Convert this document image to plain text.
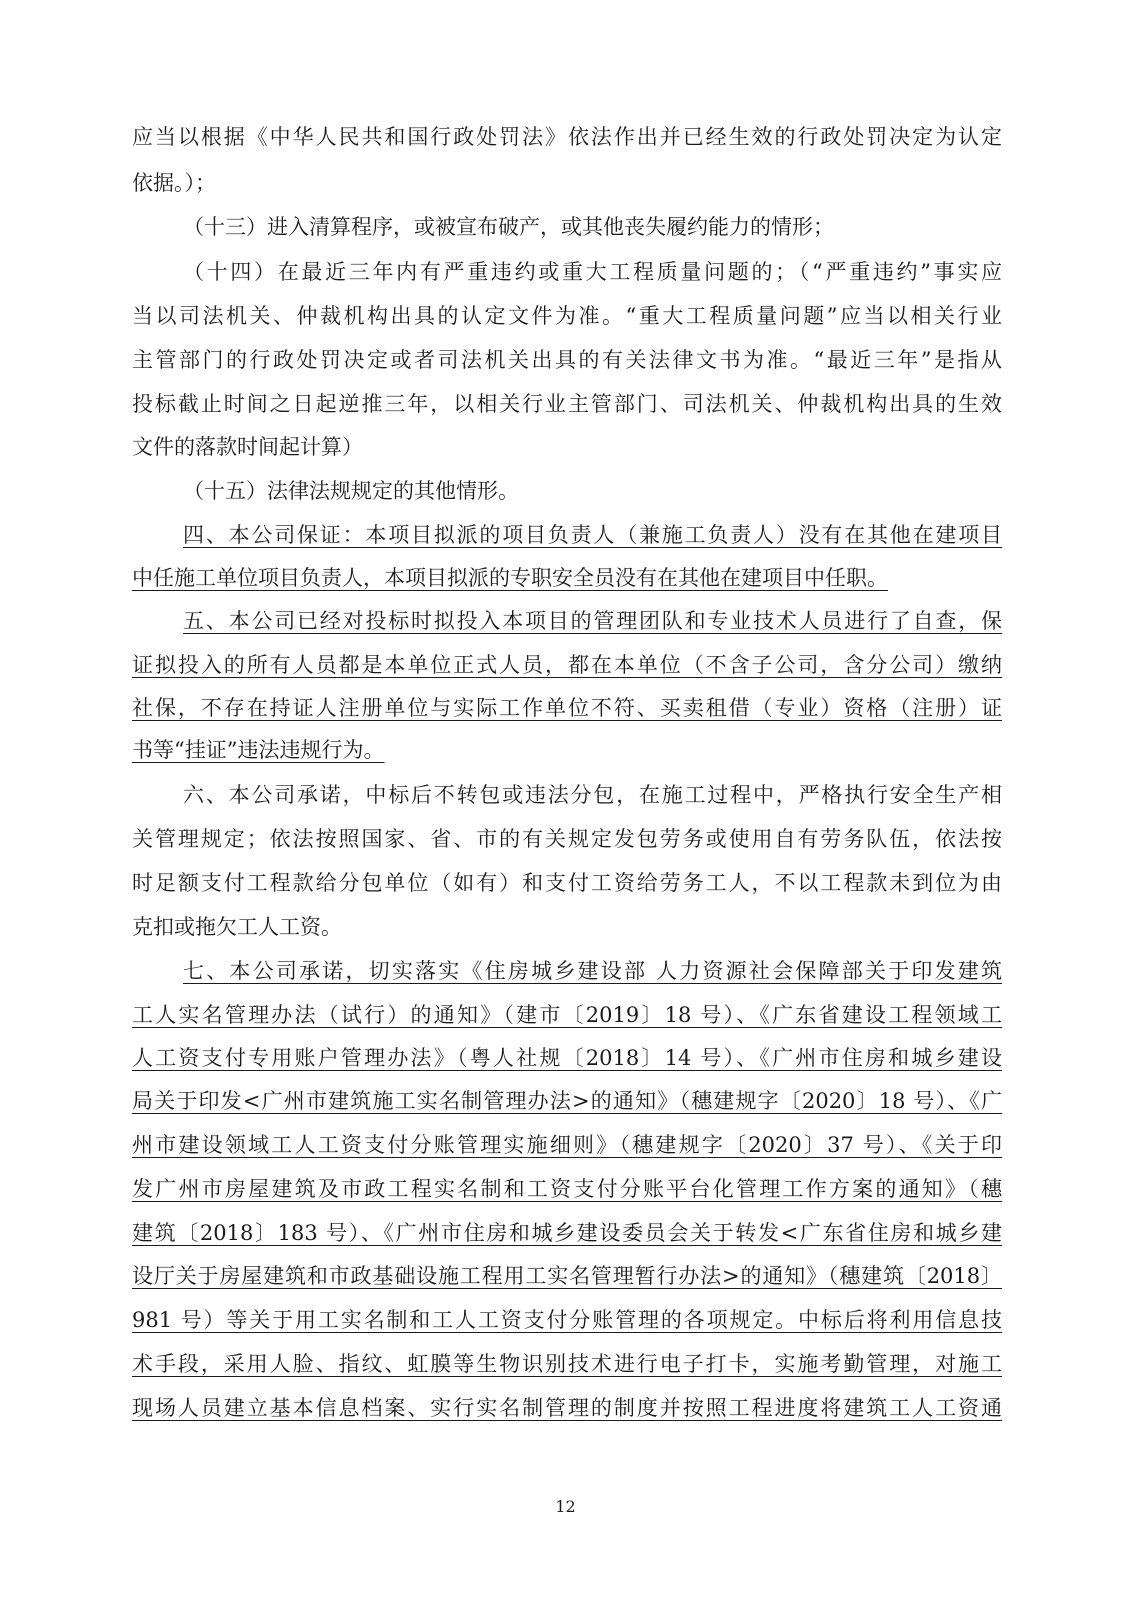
应当以根据《中华人民共和国行政处罚法》依法作出并已经生效的行政处罚决定为认定
依据。）；
（十三）进入清算程序，或被宣布破产，或其他丧失履约能力的情形；
（十四）在最近三年内有严重违约或重大工程质量问题的；（“严重违约”事实应
当以司法机关、仲裁机构出具的认定文件为准。“重大工程质量问题”应当以相关行业
主管部门的行政处罚决定或者司法机关出具的有关法律文书为准。“最近三年”是指从
投标截止时间之日起逆推三年，以相关行业主管部门、司法机关、仲裁机构出具的生效
文件的落款时间起计算）
（十五）法律法规规定的其他情形。
四、本公司保证：本项目拟派的项目负责人（兼施工负责人）没有在其他在建项目
中任施工单位项目负责人，本项目拟派的专职安全员没有在其他在建项目中任职。
五、本公司已经对投标时拟投入本项目的管理团队和专业技术人员进行了自查，保
证拟投入的所有人员都是本单位正式人员，都在本单位（不含子公司，含分公司）缴纳
社保，不存在持证人注册单位与实际工作单位不符、买卖租借（专业）资格（注册）证
书等“挂证”违法违规行为。
六、本公司承诺，中标后不转包或违法分包，在施工过程中，严格执行安全生产相
关管理规定；依法按照国家、省、市的有关规定发包劳务或使用自有劳务队伍，依法按
时足额支付工程款给分包单位（如有）和支付工资给劳务工人，不以工程款未到位为由
克扣或拖欠工人工资。
七、本公司承诺，切实落实《住房城乡建设部 人力资源社会保障部关于印发建筑
工人实名管理办法（试行）的通知》（建市〔2019〕18 号）、《广东省建设工程领域工
人工资支付专用账户管理办法》（粤人社规〔2018〕14 号）、《广州市住房和城乡建设
局关于印发<广州市建筑施工实名制管理办法>的通知》（穗建规字〔2020〕18 号）、《广
州市建设领域工人工资支付分账管理实施细则》（穗建规字〔2020〕37 号）、《关于印
发广州市房屋建筑及市政工程实名制和工资支付分账平台化管理工作方案的通知》（穗
建筑〔2018〕183 号）、《广州市住房和城乡建设委员会关于转发<广东省住房和城乡建
设厅关于房屋建筑和市政基础设施工程用工实名管理暂行办法>的通知》（穗建筑〔2018〕
981 号）等关于用工实名制和工人工资支付分账管理的各项规定。中标后将利用信息技
术手段，采用人脸、指纹、虹膜等生物识别技术进行电子打卡，实施考勤管理，对施工
现场人员建立基本信息档案、实行实名制管理的制度并按照工程进度将建筑工人工资通
12
